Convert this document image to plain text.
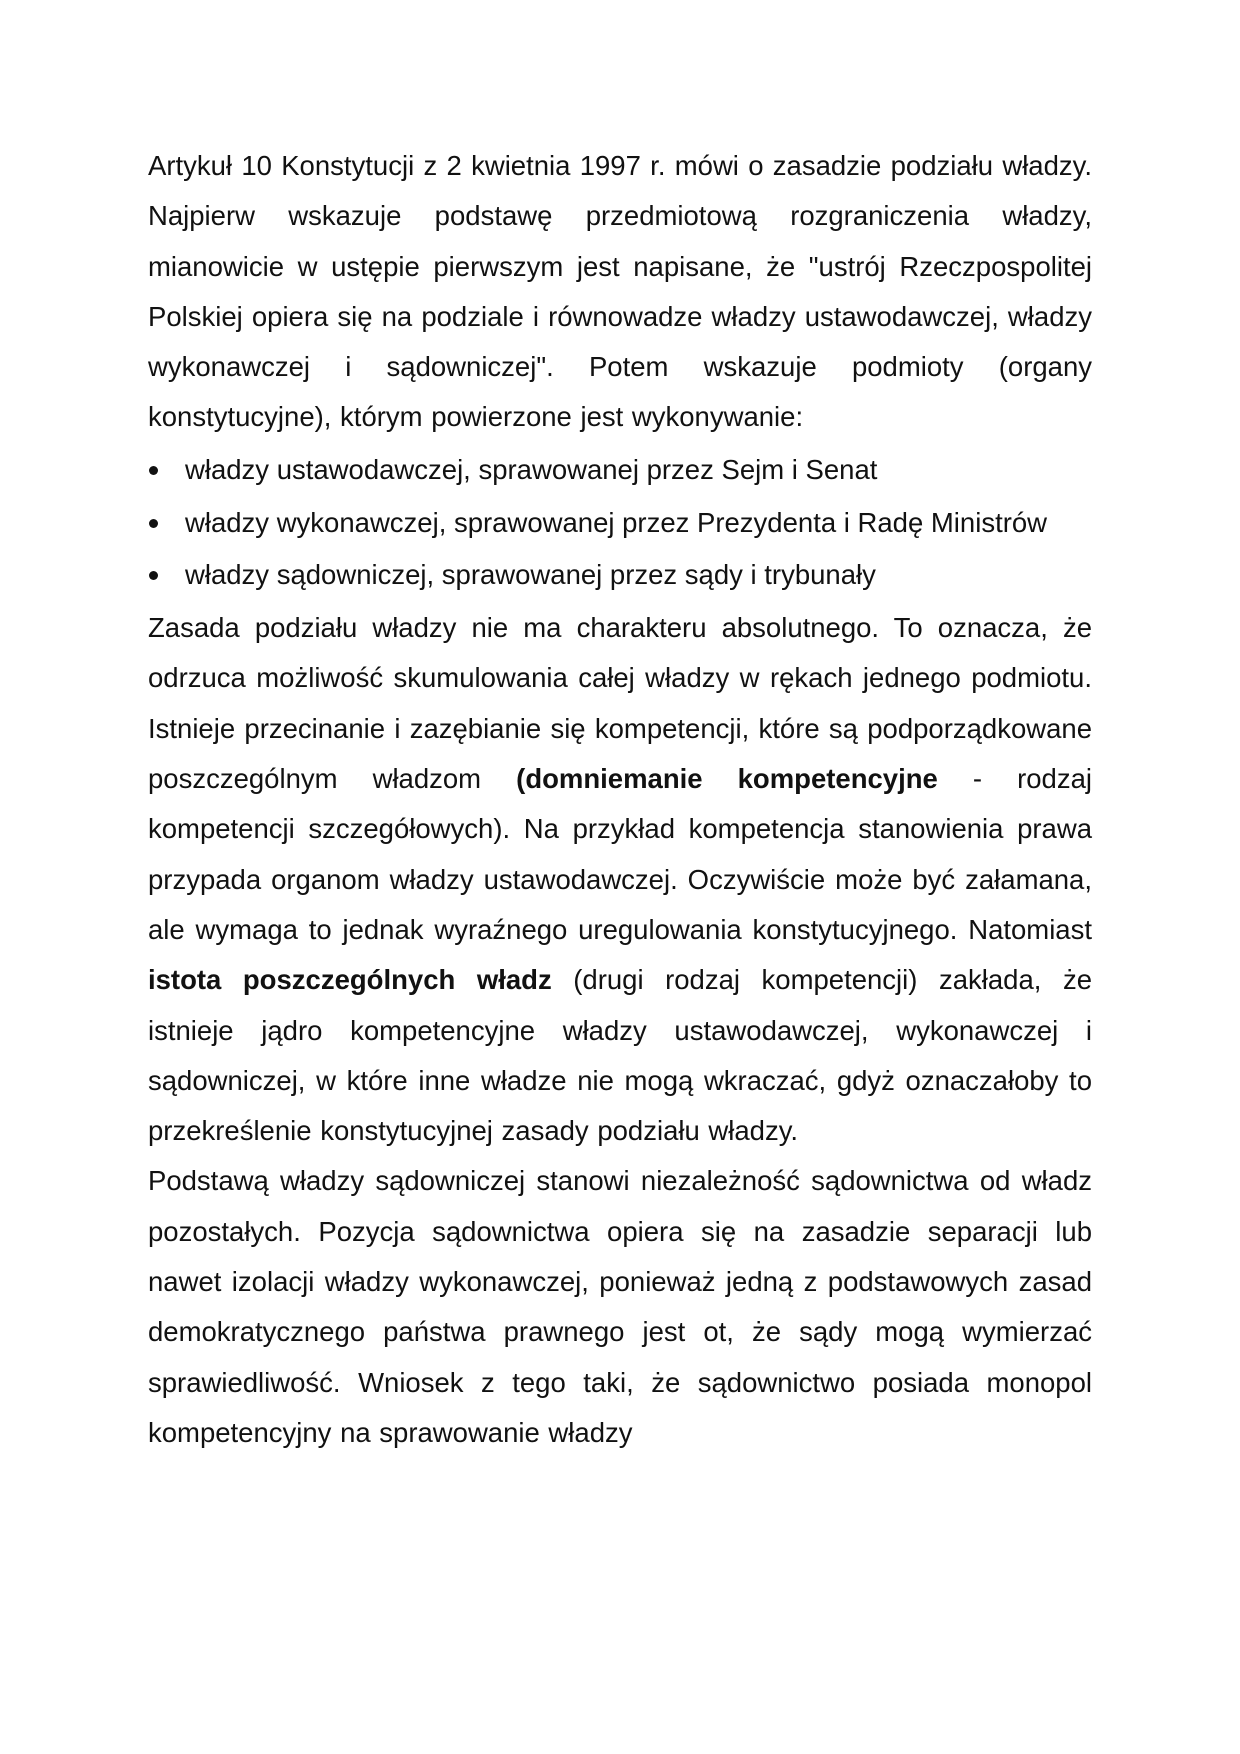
Artykuł 10 Konstytucji z 2 kwietnia 1997 r. mówi o zasadzie podziału władzy. Najpierw wskazuje podstawę przedmiotową rozgraniczenia władzy, mianowicie w ustępie pierwszym jest napisane, że "ustrój Rzeczpospolitej Polskiej opiera się na podziale i równowadze władzy ustawodawczej, władzy wykonawczej i sądowniczej". Potem wskazuje podmioty (organy konstytucyjne), którym powierzone jest wykonywanie:

władzy ustawodawczej, sprawowanej przez Sejm i Senat
władzy wykonawczej, sprawowanej przez Prezydenta i Radę Ministrów
władzy sądowniczej, sprawowanej przez sądy i trybunały

Zasada podziału władzy nie ma charakteru absolutnego. To oznacza, że odrzuca możliwość skumulowania całej władzy w rękach jednego podmiotu. Istnieje przecinanie i zazębianie się kompetencji, które są podporządkowane poszczególnym władzom (domniemanie kompetencyjne - rodzaj kompetencji szczegółowych). Na przykład kompetencja stanowienia prawa przypada organom władzy ustawodawczej. Oczywiście może być załamana, ale wymaga to jednak wyraźnego uregulowania konstytucyjnego. Natomiast istota poszczególnych władz (drugi rodzaj kompetencji) zakłada, że istnieje jądro kompetencyjne władzy ustawodawczej, wykonawczej i sądowniczej, w które inne władze nie mogą wkraczać, gdyż oznaczałoby to przekreślenie konstytucyjnej zasady podziału władzy.

Podstawą władzy sądowniczej stanowi niezależność sądownictwa od władz pozostałych. Pozycja sądownictwa opiera się na zasadzie separacji lub nawet izolacji władzy wykonawczej, ponieważ jedną z podstawowych zasad demokratycznego państwa prawnego jest ot, że sądy mogą wymierzać sprawiedliwość. Wniosek z tego taki, że sądownictwo posiada monopol kompetencyjny na sprawowanie władzy
